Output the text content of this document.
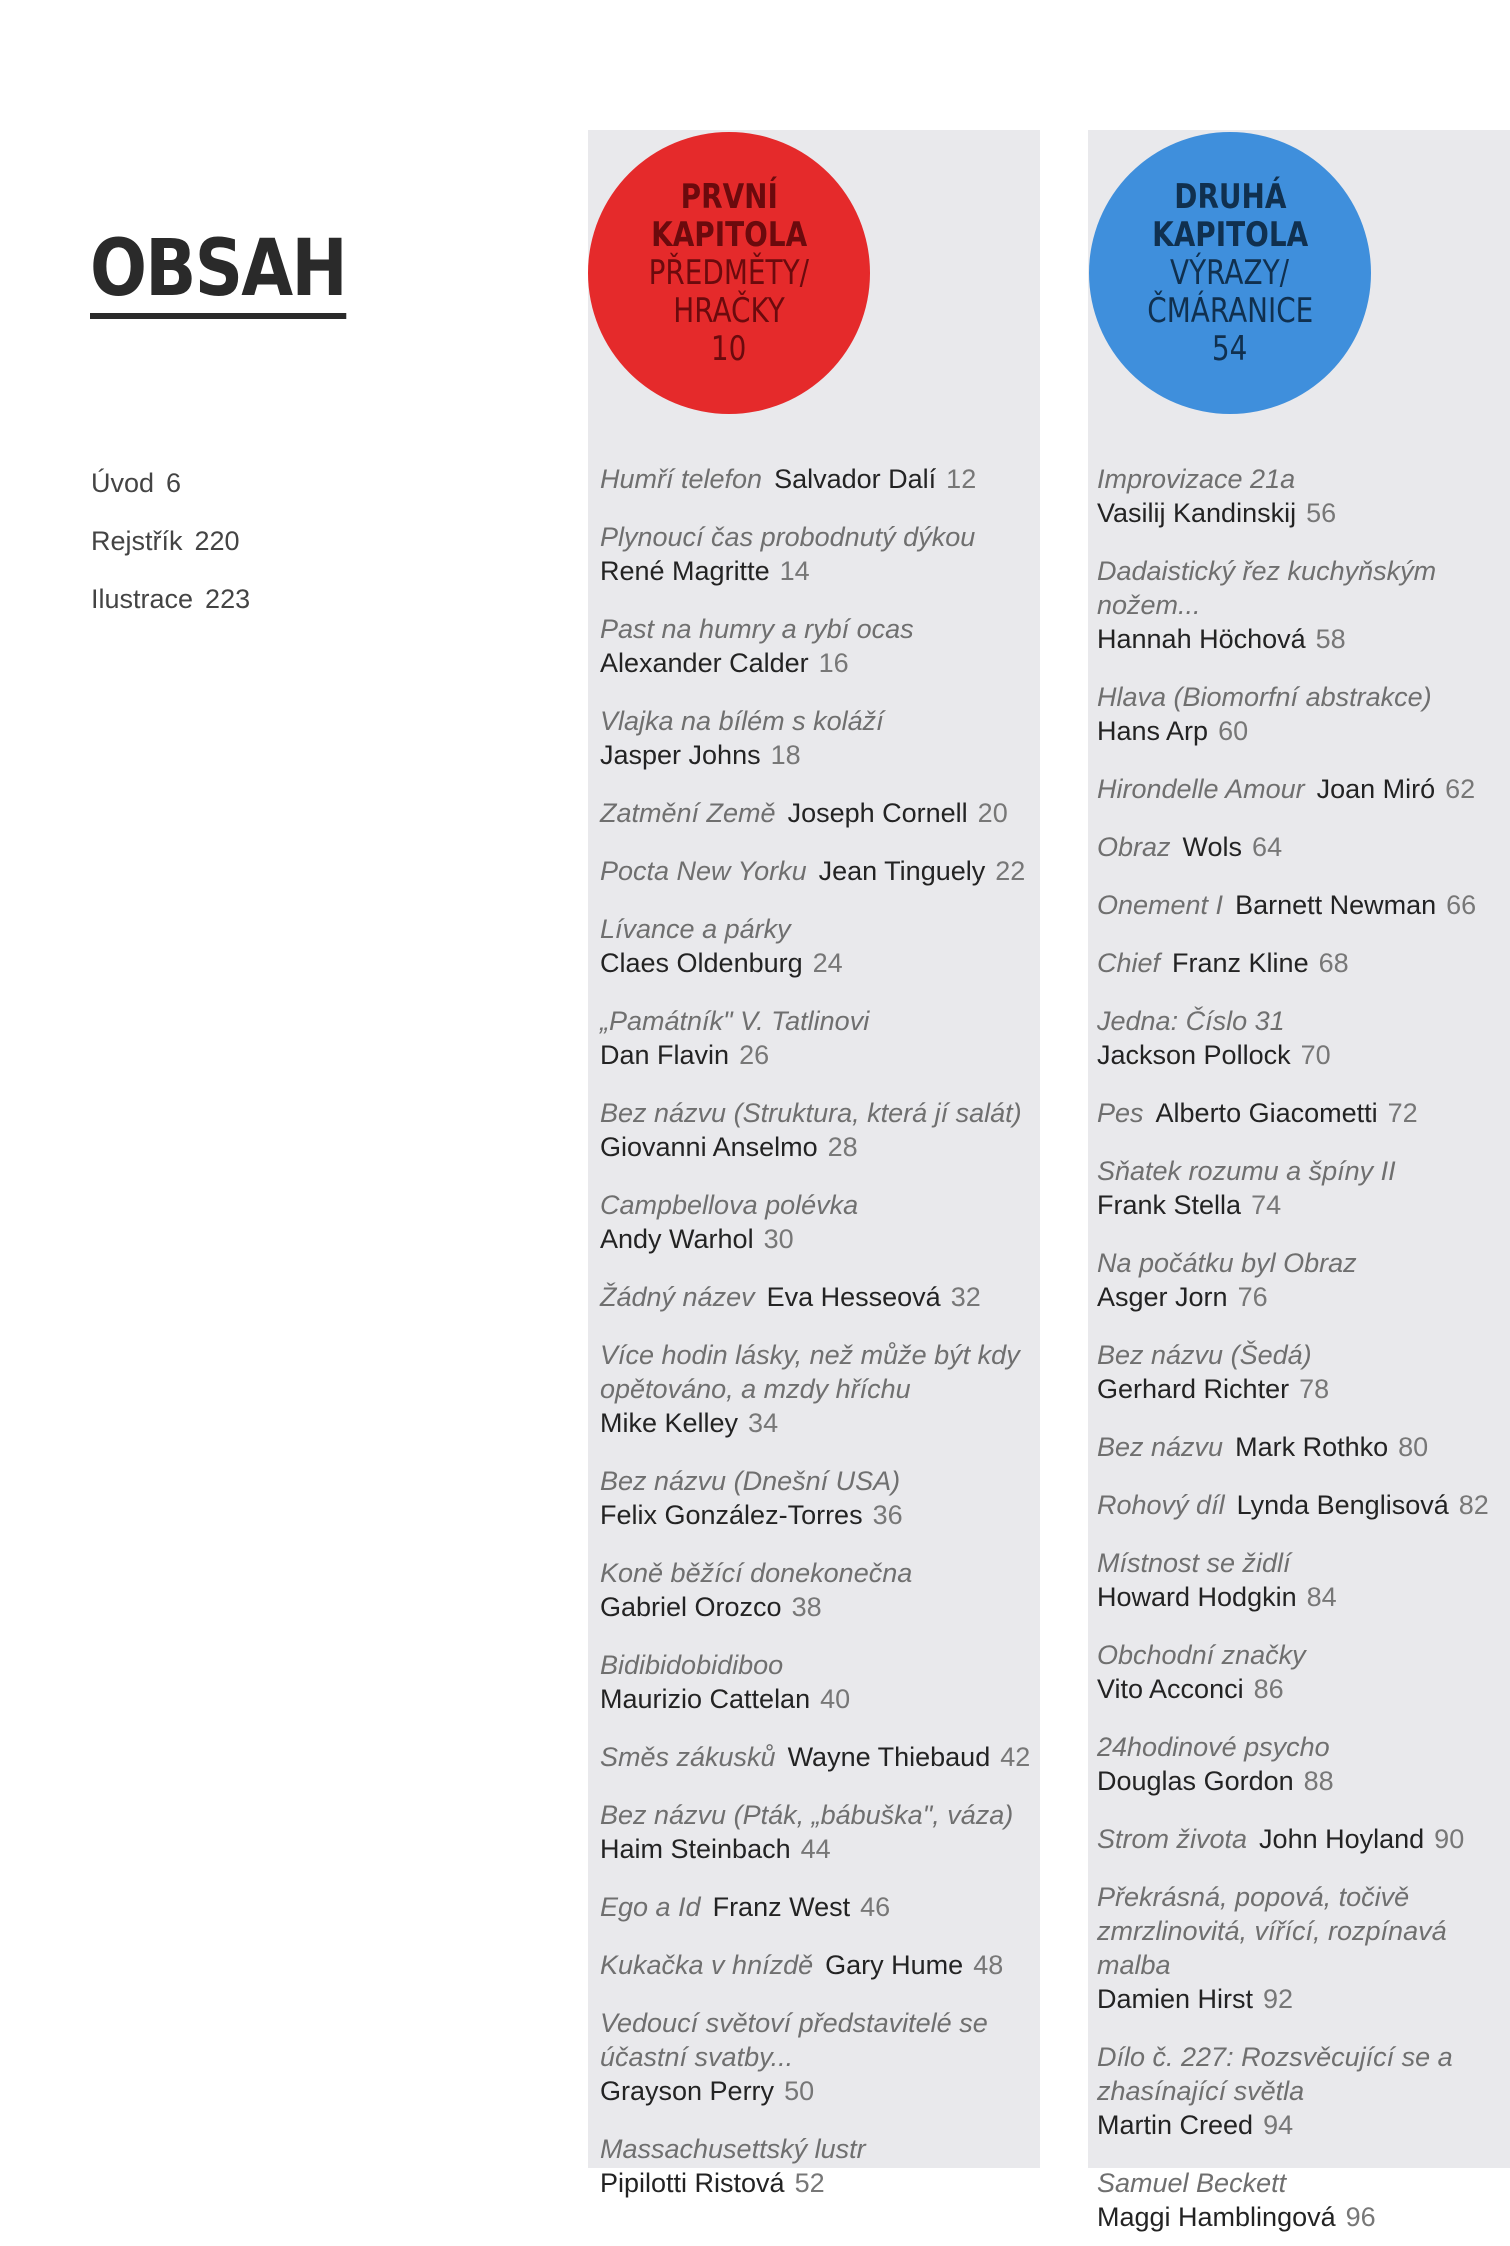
OBSAH
Úvod 6
Rejstřík 220
Ilustrace 223
PRVNÍ
KAPITOLA
PŘEDMĚTY/
HRAČKY
10
DRUHÁ
KAPITOLA
VÝRAZY/
ČMÁRANICE
54
Humří telefon Salvador Dalí 12
Plynoucí čas probodnutý dýkou
René Magritte 14
Past na humry a rybí ocas
Alexander Calder 16
Vlajka na bílém s koláží
Jasper Johns 18
Zatmění Země Joseph Cornell 20
Pocta New Yorku Jean Tinguely 22
Lívance a párky
Claes Oldenburg 24
„Památník" V. Tatlinovi
Dan Flavin 26
Bez názvu (Struktura, která jí salát)
Giovanni Anselmo 28
Campbellova polévka
Andy Warhol 30
Žádný název Eva Hesseová 32
Více hodin lásky, než může být kdy opětováno, a mzdy hříchu
Mike Kelley 34
Bez názvu (Dnešní USA)
Felix González-Torres 36
Koně běžící donekonečna
Gabriel Orozco 38
Bidibidobidiboo
Maurizio Cattelan 40
Směs zákusků Wayne Thiebaud 42
Bez názvu (Pták, „bábuška", váza)
Haim Steinbach 44
Ego a Id Franz West 46
Kukačka v hnízdě Gary Hume 48
Vedoucí světoví představitelé se účastní svatby...
Grayson Perry 50
Massachusettský lustr
Pipilotti Ristová 52
Improvizace 21a
Vasilij Kandinskij 56
Dadaistický řez kuchyňským nožem...
Hannah Höchová 58
Hlava (Biomorfní abstrakce)
Hans Arp 60
Hirondelle Amour Joan Miró 62
Obraz Wols 64
Onement I Barnett Newman 66
Chief Franz Kline 68
Jedna: Číslo 31
Jackson Pollock 70
Pes Alberto Giacometti 72
Sňatek rozumu a špíny II
Frank Stella 74
Na počátku byl Obraz
Asger Jorn 76
Bez názvu (Šedá)
Gerhard Richter 78
Bez názvu Mark Rothko 80
Rohový díl Lynda Benglisová 82
Místnost se židlí
Howard Hodgkin 84
Obchodní značky
Vito Acconci 86
24hodinové psycho
Douglas Gordon 88
Strom života John Hoyland 90
Překrásná, popová, točivě zmrzlinovitá, vířící, rozpínavá malba
Damien Hirst 92
Dílo č. 227: Rozsvěcující se a zhasínající světla
Martin Creed 94
Samuel Beckett
Maggi Hamblingová 96
